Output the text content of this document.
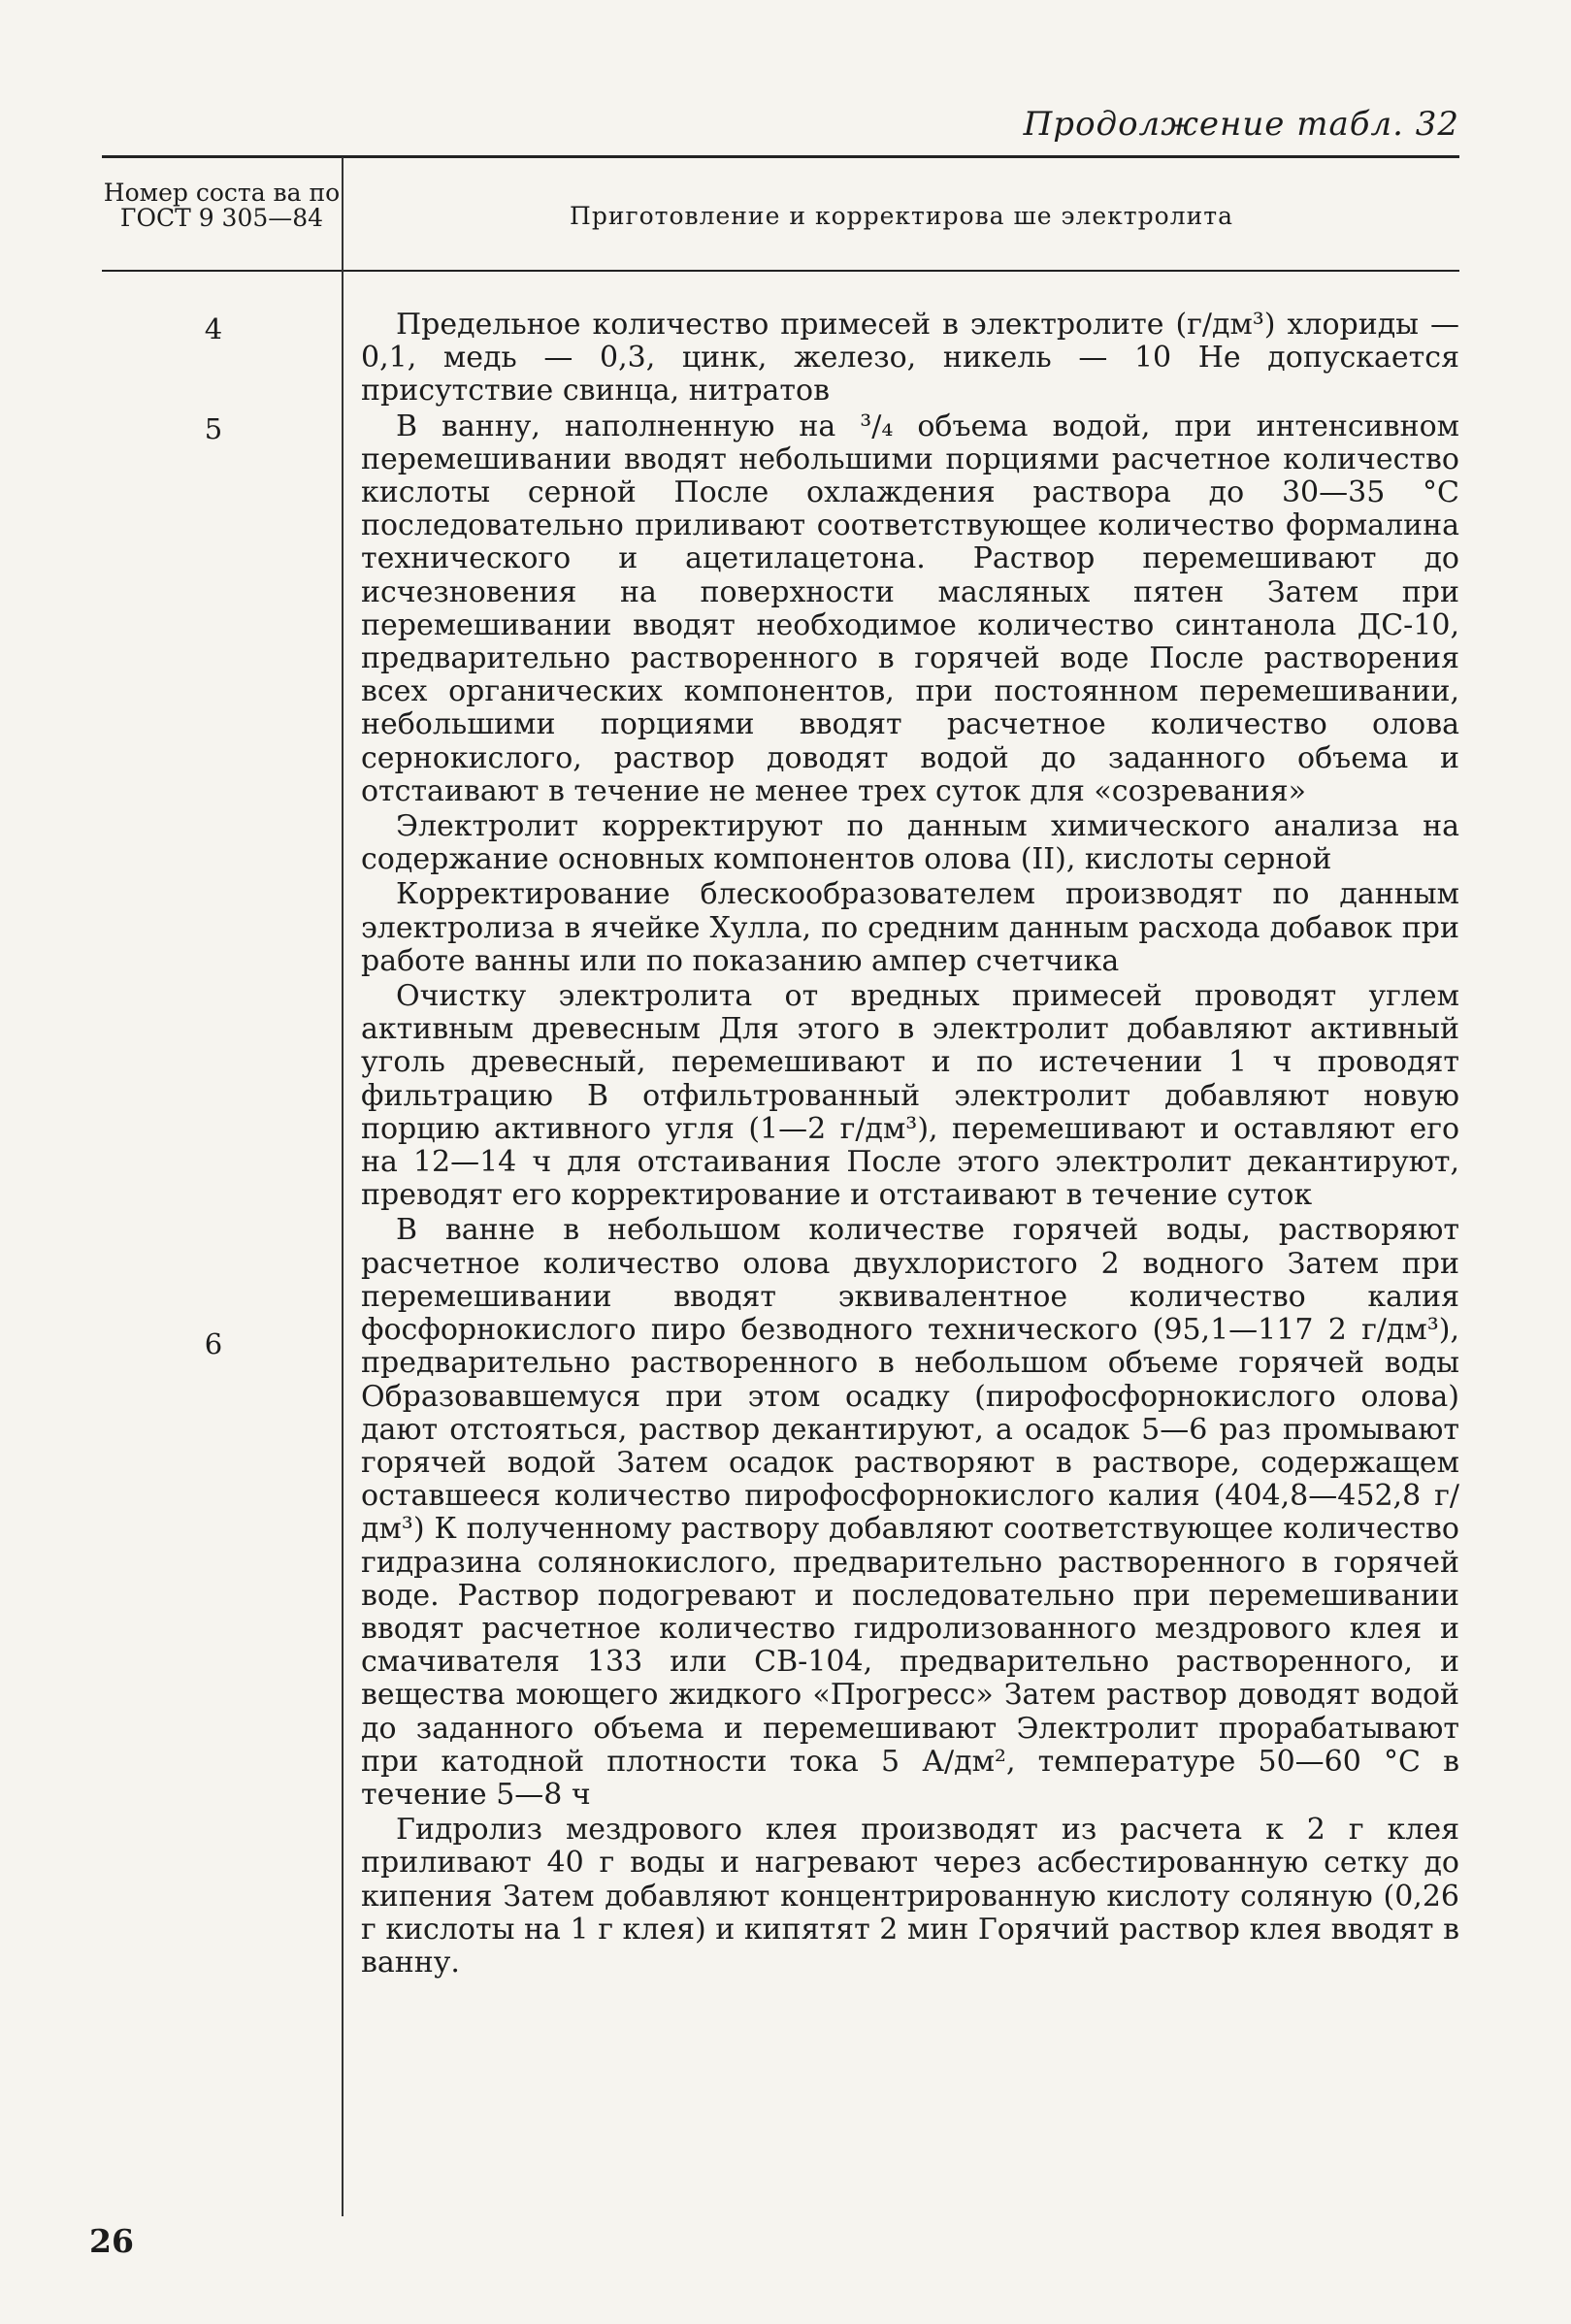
Продолжение табл. 32
Номер соста ва по ГОСТ 9 305—84	Приготовление и корректирова ше электролита
4
5
6

Предельное количество примесей в электролите (г/дм³) хлориды — 0,1, медь — 0,3, цинк, железо, никель — 10 Не допускается присутствие свинца, нитратов

В ванну, наполненную на ³/₄ объема водой, при интенсивном перемешивании вводят небольшими порциями расчетное количество кислоты серной После охлаждения раствора до 30—35 °С последовательно приливают соответствующее количество формалина технического и ацетилацетона. Раствор перемешивают до исчезновения на поверхности масляных пятен Затем при перемешивании вводят необходимое количество синтанола ДС-10, предварительно растворенного в горячей воде После растворения всех органических компонентов, при постоянном перемешивании, небольшими порциями вводят расчетное количество олова сернокислого, раствор доводят водой до заданного объема и отстаивают в течение не менее трех суток для «созревания»

Электролит корректируют по данным химического анализа на содержание основных компонентов олова (II), кислоты серной

Корректирование блескообразователем производят по данным электролиза в ячейке Хулла, по средним данным расхода добавок при работе ванны или по показанию ампер счетчика

Очистку электролита от вредных примесей проводят углем активным древесным Для этого в электролит добавляют активный уголь древесный, перемешивают и по истечении 1 ч проводят фильтрацию В отфильтрованный электролит добавляют новую порцию активного угля (1—2 г/дм³), перемешивают и оставляют его на 12—14 ч для отстаивания После этого электролит декантируют, преводят его корректирование и отстаивают в течение суток

В ванне в небольшом количестве горячей воды, растворяют расчетное количество олова двухлористого 2 водного Затем при перемешивании вводят эквивалентное количество калия фосфорнокислого пиро безводного технического (95,1—117 2 г/дм³), предварительно растворенного в небольшом объеме горячей воды Образовавшемуся при этом осадку (пирофосфорнокислого олова) дают отстояться, раствор декантируют, а осадок 5—6 раз промывают горячей водой Затем осадок растворяют в растворе, содержащем оставшееся количество пирофосфорнокислого калия (404,8—452,8 г/дм³) К полученному раствору добавляют соответствующее количество гидразина солянокислого, предварительно растворенного в горячей воде. Раствор подогревают и последовательно при перемешивании вводят расчетное количество гидролизованного мездрового клея и смачивателя 133 или СВ-104, предварительно растворенного, и вещества моющего жидкого «Прогресс» Затем раствор доводят водой до заданного объема и перемешивают Электролит прорабатывают при катодной плотности тока 5 А/дм², температуре 50—60 °С в течение 5—8 ч

Гидролиз мездрового клея производят из расчета к 2 г клея приливают 40 г воды и нагревают через асбестированную сетку до кипения Затем добавляют концентрированную кислоту соляную (0,26 г кислоты на 1 г клея) и кипятят 2 мин Горячий раствор клея вводят в ванну.

26
